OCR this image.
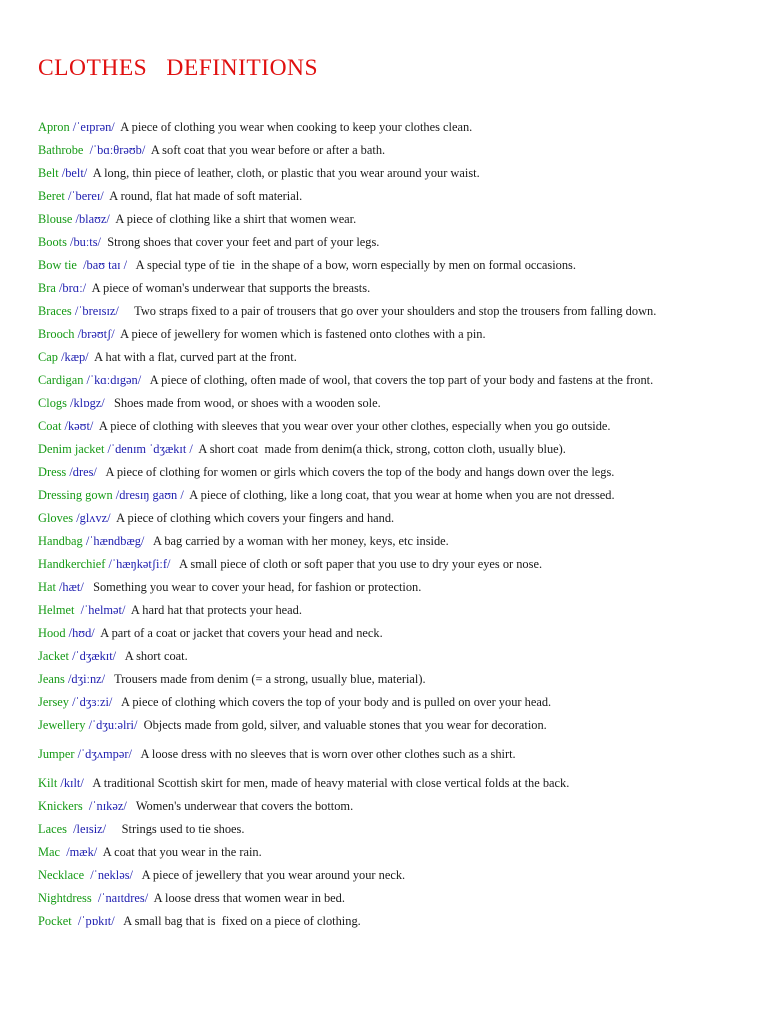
CLOTHES   DEFINITIONS
Apron /ˈeɪprən/  A piece of clothing you wear when cooking to keep your clothes clean.
Bathrobe  /ˈbɑːθrəʊb/  A soft coat that you wear before or after a bath.
Belt /belt/  A long, thin piece of leather, cloth, or plastic that you wear around your waist.
Beret /ˈbereɪ/  A round, flat hat made of soft material.
Blouse /blaʊz/  A piece of clothing like a shirt that women wear.
Boots /buːts/  Strong shoes that cover your feet and part of your legs.
Bow tie  /baʊ taɪ /   A special type of tie  in the shape of a bow, worn especially by men on formal occasions.
Bra /brɑː/  A piece of woman's underwear that supports the breasts.
Braces /ˈbreɪsɪz/     Two straps fixed to a pair of trousers that go over your shoulders and stop the trousers from falling down.
Brooch /brəʊtʃ/  A piece of jewellery for women which is fastened onto clothes with a pin.
Cap /kæp/  A hat with a flat, curved part at the front.
Cardigan /ˈkɑːdɪgən/   A piece of clothing, often made of wool, that covers the top part of your body and fastens at the front.
Clogs /klɒgz/   Shoes made from wood, or shoes with a wooden sole.
Coat /kəʊt/  A piece of clothing with sleeves that you wear over your other clothes, especially when you go outside.
Denim jacket /ˈdenɪm ˈdʒækɪt /  A short coat  made from denim(a thick, strong, cotton cloth, usually blue).
Dress /dres/   A piece of clothing for women or girls which covers the top of the body and hangs down over the legs.
Dressing gown /dresɪŋ gaʊn /  A piece of clothing, like a long coat, that you wear at home when you are not dressed.
Gloves /glʌvz/  A piece of clothing which covers your fingers and hand.
Handbag /ˈhændbæg/   A bag carried by a woman with her money, keys, etc inside.
Handkerchief /ˈhæŋkətʃiːf/   A small piece of cloth or soft paper that you use to dry your eyes or nose.
Hat /hæt/   Something you wear to cover your head, for fashion or protection.
Helmet  /ˈhelmət/  A hard hat that protects your head.
Hood /hʊd/  A part of a coat or jacket that covers your head and neck.
Jacket /ˈdʒækɪt/   A short coat.
Jeans /dʒiːnz/   Trousers made from denim (= a strong, usually blue, material).
Jersey /ˈdʒɜːzi/   A piece of clothing which covers the top of your body and is pulled on over your head.
Jewellery /ˈdʒuːəlri/  Objects made from gold, silver, and valuable stones that you wear for decoration.
Jumper /ˈdʒʌmpər/   A loose dress with no sleeves that is worn over other clothes such as a shirt.
Kilt /kɪlt/   A traditional Scottish skirt for men, made of heavy material with close vertical folds at the back.
Knickers  /ˈnɪkəz/   Women's underwear that covers the bottom.
Laces  /leɪsiz/     Strings used to tie shoes.
Mac  /mæk/  A coat that you wear in the rain.
Necklace  /ˈnekləs/   A piece of jewellery that you wear around your neck.
Nightdress  /ˈnaɪtdres/  A loose dress that women wear in bed.
Pocket  /ˈpɒkɪt/   A small bag that is  fixed on a piece of clothing.
